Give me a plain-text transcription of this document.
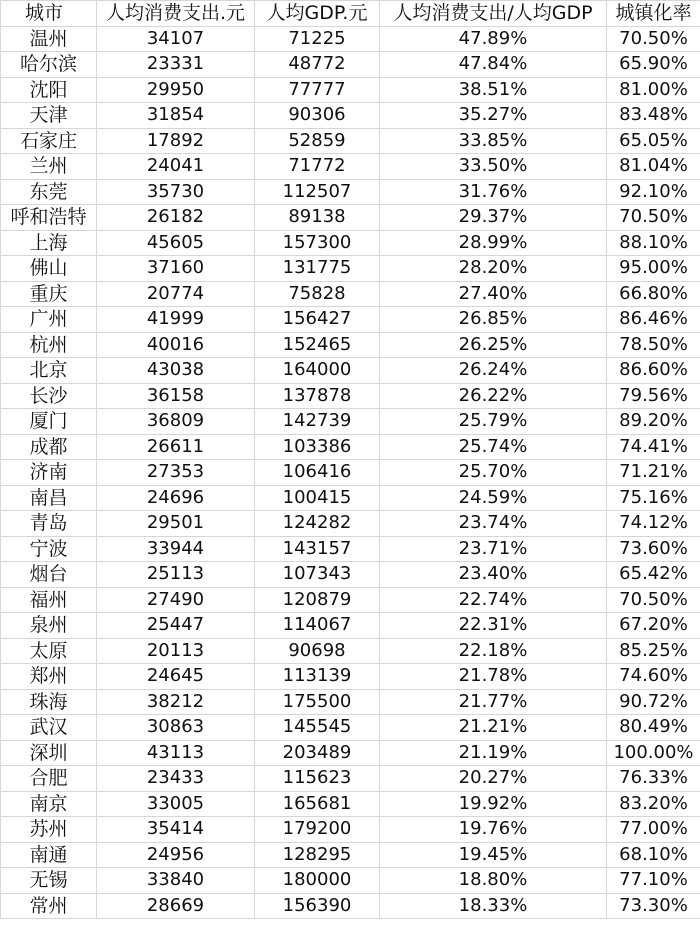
城市	人均消费支出.元	人均GDP.元	人均消费支出/人均GDP	城镇化率
温州	34107	71225	47.89%	70.50%
哈尔滨	23331	48772	47.84%	65.90%
沈阳	29950	77777	38.51%	81.00%
天津	31854	90306	35.27%	83.48%
石家庄	17892	52859	33.85%	65.05%
兰州	24041	71772	33.50%	81.04%
东莞	35730	112507	31.76%	92.10%
呼和浩特	26182	89138	29.37%	70.50%
上海	45605	157300	28.99%	88.10%
佛山	37160	131775	28.20%	95.00%
重庆	20774	75828	27.40%	66.80%
广州	41999	156427	26.85%	86.46%
杭州	40016	152465	26.25%	78.50%
北京	43038	164000	26.24%	86.60%
长沙	36158	137878	26.22%	79.56%
厦门	36809	142739	25.79%	89.20%
成都	26611	103386	25.74%	74.41%
济南	27353	106416	25.70%	71.21%
南昌	24696	100415	24.59%	75.16%
青岛	29501	124282	23.74%	74.12%
宁波	33944	143157	23.71%	73.60%
烟台	25113	107343	23.40%	65.42%
福州	27490	120879	22.74%	70.50%
泉州	25447	114067	22.31%	67.20%
太原	20113	90698	22.18%	85.25%
郑州	24645	113139	21.78%	74.60%
珠海	38212	175500	21.77%	90.72%
武汉	30863	145545	21.21%	80.49%
深圳	43113	203489	21.19%	100.00%
合肥	23433	115623	20.27%	76.33%
南京	33005	165681	19.92%	83.20%
苏州	35414	179200	19.76%	77.00%
南通	24956	128295	19.45%	68.10%
无锡	33840	180000	18.80%	77.10%
常州	28669	156390	18.33%	73.30%
